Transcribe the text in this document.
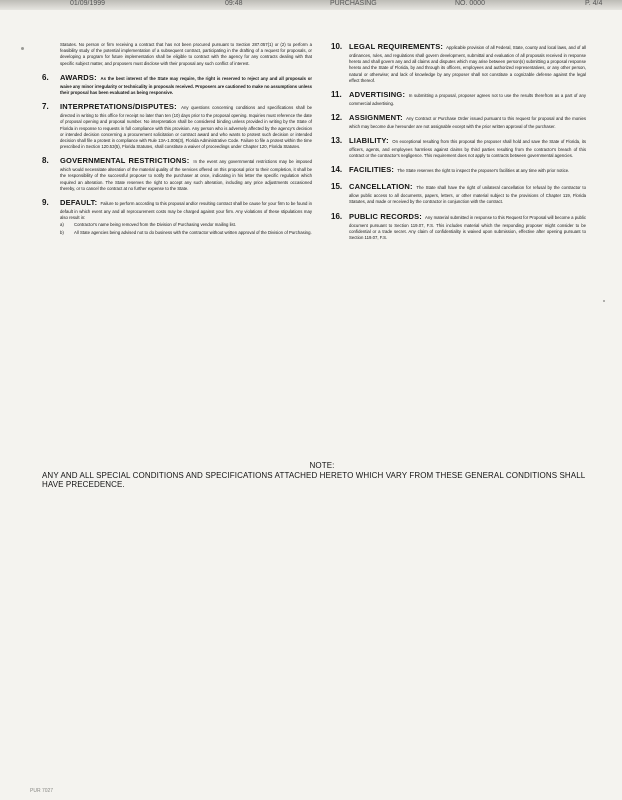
01/09/1999	09:48	PURCHASING	NO. 0000	P. 4/4
Statutes. No person or firm receiving a contract that has not been procured pursuant to Section 287.057(1) or (2) to perform a feasibility study of the potential implementation of a subsequent contract, participating in the drafting of a request for proposals, or developing a program for future implementation shall be eligible to contract with the agency for any contracts dealing with that specific subject matter, and proposers must disclose with their proposal any such conflict of interest.
6.	AWARDS: As the best interest of the State may require, the right is reserved to reject any and all proposals or waive any minor irregularity or technicality in proposals received. Proposers are cautioned to make no assumptions unless their proposal has been evaluated as being responsive.
7.	INTERPRETATIONS/DISPUTES: Any questions concerning conditions and specifications shall be directed in writing to this office for receipt no later than ten (10) days prior to the proposal opening. Inquiries must reference the date of proposal opening and proposal number. No interpretation shall be considered binding unless provided in writing by the State of Florida in response to requests in full compliance with this provision. Any person who is adversely affected by the agency's decision or intended decision concerning a procurement solicitation or contract award and who wants to protest such decision or intended decision shall file a protest in compliance with Rule 13A-1.006(3), Florida Administrative Code. Failure to file a protest within the time prescribed in Section 120.53(5), Florida Statutes, shall constitute a waiver of proceedings under Chapter 120, Florida Statutes.
8.	GOVERNMENTAL RESTRICTIONS: In the event any governmental restrictions may be imposed which would necessitate alteration of the material quality of the services offered on this proposal prior to their completion, it shall be the responsibility of the successful proposer to notify the purchaser at once, indicating in his letter the specific regulation which required an alteration. The State reserves the right to accept any such alteration, including any price adjustments occasioned thereby, or to cancel the contract at no further expense to the State.
9.	DEFAULT: Failure to perform according to this proposal and/or resulting contract shall be cause for your firm to be found in default in which event any and all reprocurement costs may be charged against your firm. Any violations of these stipulations may also result in:
a)	Contractor's name being removed from the Division of Purchasing vendor mailing list.
b)	All State agencies being advised not to do business with the contractor without written approval of the Division of Purchasing.
10. LEGAL REQUIREMENTS: Applicable provision of all Federal, State, county and local laws, and of all ordinances, rules, and regulations shall govern development, submittal and evaluation of all proposals received in response hereto and shall govern any and all claims and disputes which may arise between person(s) submitting a proposal response hereto and the State of Florida, by and through its officers, employees and authorized representatives, or any other person, natural or otherwise; and lack of knowledge by any proposer shall not constitute a cognizable defense against the legal effect thereof.
11. ADVERTISING: In submitting a proposal, proposer agrees not to use the results therefrom as a part of any commercial advertising.
12. ASSIGNMENT: Any Contract or Purchase Order issued pursuant to this request for proposal and the monies which may become due hereunder are not assignable except with the prior written approval of the purchaser.
13. LIABILITY: On exceptional resulting from this proposal the proposer shall hold and save the State of Florida, its officers, agents, and employees harmless against claims by third parties resulting from the contractor's breach of this contract or the contractor's negligence. This requirement does not apply to contracts between governmental agencies.
14. FACILITIES: The State reserves the right to inspect the proposer's facilities at any time with prior notice.
15. CANCELLATION: The State shall have the right of unilateral cancellation for refusal by the contractor to allow public access to all documents, papers, letters, or other material subject to the provisions of Chapter 119, Florida Statutes, and made or received by the contractor in conjunction with the contract.
16. PUBLIC RECORDS: Any material submitted in response to this Request for Proposal will become a public document pursuant to Section 119.07, F.S. This includes material which the responding proposer might consider to be confidential or a trade secret. Any claim of confidentiality is waived upon submission, effective after opening pursuant to Section 119.07, F.S.
NOTE:
ANY AND ALL SPECIAL CONDITIONS AND SPECIFICATIONS ATTACHED HERETO WHICH VARY FROM THESE GENERAL CONDITIONS SHALL HAVE PRECEDENCE.
PUR 7027
